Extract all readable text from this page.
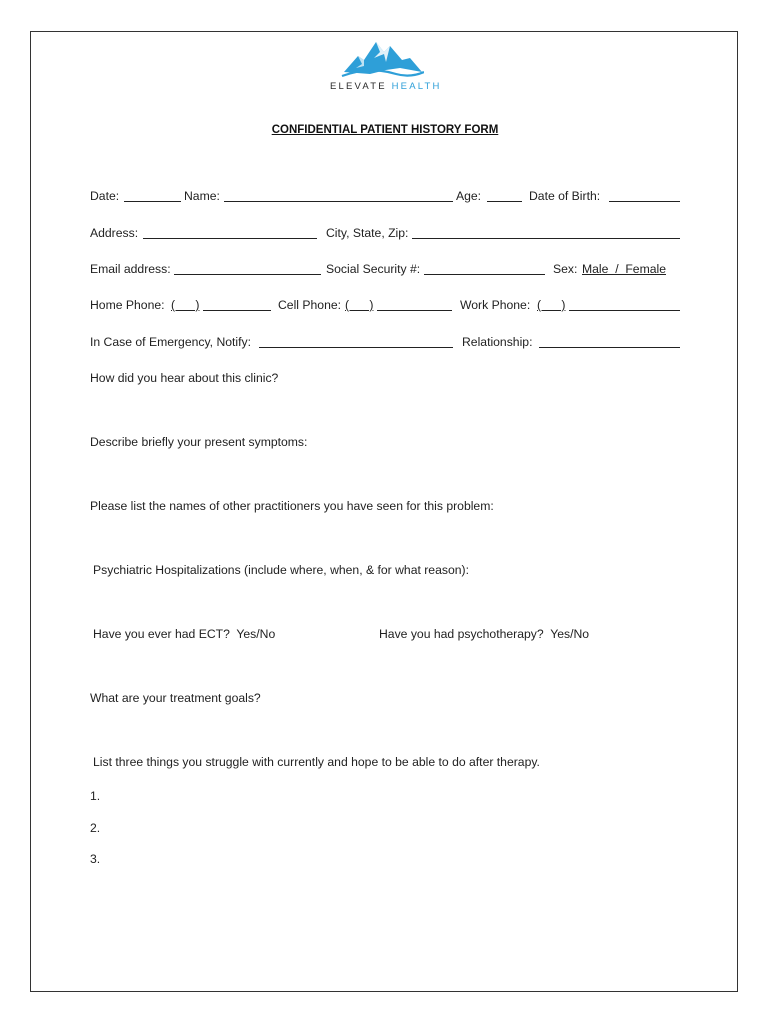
ELEVATE HEALTH
CONFIDENTIAL PATIENT HISTORY FORM
Date:	Name:	Age:	Date of Birth:
Address:	City, State, Zip:
Email address:	Social Security #:	Sex: Male  /  Female
Home Phone: (      )	Cell Phone: (      )	Work Phone: (      )
In Case of Emergency, Notify:	Relationship:
How did you hear about this clinic?
Describe briefly your present symptoms:
Please list the names of other practitioners you have seen for this problem:
Psychiatric Hospitalizations (include where, when, & for what reason):
Have you ever had ECT?  Yes/No	Have you had psychotherapy?  Yes/No
What are your treatment goals?
List three things you struggle with currently and hope to be able to do after therapy.
1.
2.
3.
